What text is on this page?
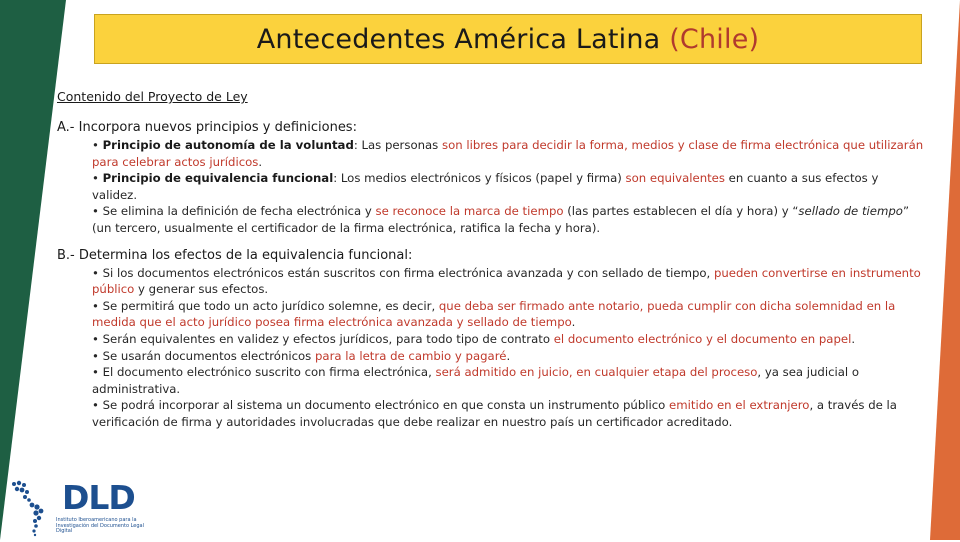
Antecedentes América Latina (Chile)
Contenido del Proyecto de Ley
A.- Incorpora nuevos principios y definiciones:
• Principio de autonomía de la voluntad: Las personas son libres para decidir la forma, medios y clase de firma electrónica que utilizarán para celebrar actos jurídicos.
• Principio de equivalencia funcional: Los medios electrónicos y físicos (papel y firma) son equivalentes en cuanto a sus efectos y validez.
• Se elimina la definición de fecha electrónica y se reconoce la marca de tiempo (las partes establecen el día y hora) y “sellado de tiempo” (un tercero, usualmente el certificador de la firma electrónica, ratifica la fecha y hora).
B.- Determina los efectos de la equivalencia funcional:
• Si los documentos electrónicos están suscritos con firma electrónica avanzada y con sellado de tiempo, pueden convertirse en instrumento público y generar sus efectos.
• Se permitirá que todo un acto jurídico solemne, es decir, que deba ser firmado ante notario, pueda cumplir con dicha solemnidad en la medida que el acto jurídico posea firma electrónica avanzada y sellado de tiempo.
• Serán equivalentes en validez y efectos jurídicos, para todo tipo de contrato el documento electrónico y el documento en papel.
• Se usarán documentos electrónicos para la letra de cambio y pagaré.
• El documento electrónico suscrito con firma electrónica, será admitido en juicio, en cualquier etapa del proceso, ya sea judicial o administrativa.
• Se podrá incorporar al sistema un documento electrónico en que consta un instrumento público emitido en el extranjero, a través de la verificación de firma y autoridades involucradas que debe realizar en nuestro país un certificador acreditado.
DLD
Instituto Iberoamericano para la Investigación del Documento Legal Digital
